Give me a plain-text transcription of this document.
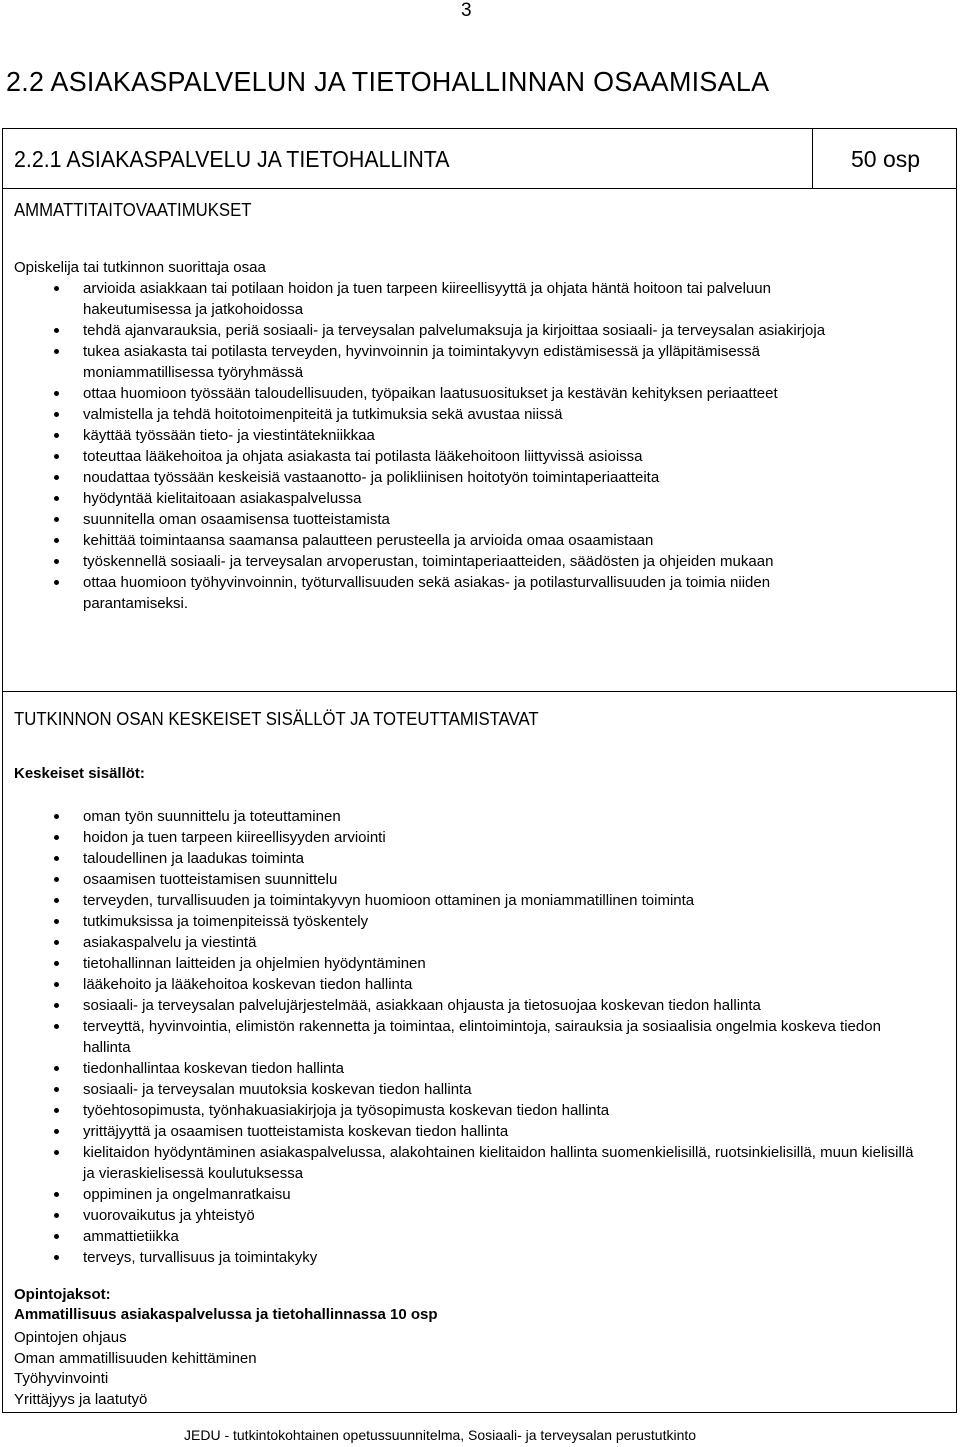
3
2.2 ASIAKASPALVELUN JA TIETOHALLINNAN OSAAMISALA
2.2.1 ASIAKASPALVELU JA TIETOHALLINTA	50 osp
AMMATTITAITOVAATIMUKSET
Opiskelija tai tutkinnon suorittaja osaa
arvioida asiakkaan tai potilaan hoidon ja tuen tarpeen kiireellisyyttä ja ohjata häntä hoitoon tai palveluun hakeutumisessa ja jatkohoidossa
tehdä ajanvarauksia, periä sosiaali- ja terveysalan palvelumaksuja ja kirjoittaa sosiaali- ja terveysalan asiakirjoja
tukea asiakasta tai potilasta terveyden, hyvinvoinnin ja toimintakyvyn edistämisessä ja ylläpitämisessä moniammatillisessa työryhmässä
ottaa huomioon työssään taloudellisuuden, työpaikan laatusuositukset ja kestävän kehityksen periaatteet
valmistella ja tehdä hoitotoimenpiteitä ja tutkimuksia sekä avustaa niissä
käyttää työssään tieto- ja viestintätekniikkaa
toteuttaa lääkehoitoa ja ohjata asiakasta tai potilasta lääkehoitoon liittyvissä asioissa
noudattaa työssään keskeisiä vastaanotto- ja polikliinisen hoitotyön toimintaperiaatteita
hyödyntää kielitaitoaan asiakaspalvelussa
suunnitella oman osaamisensa tuotteistamista
kehittää toimintaansa saamansa palautteen perusteella ja arvioida omaa osaamistaan
työskennellä sosiaali- ja terveysalan arvoperustan, toimintaperiaatteiden, säädösten ja ohjeiden mukaan
ottaa huomioon työhyvinvoinnin, työturvallisuuden sekä asiakas- ja potilasturvallisuuden ja toimia niiden parantamiseksi.
TUTKINNON OSAN KESKEISET SISÄLLÖT JA TOTEUTTAMISTAVAT
Keskeiset sisällöt:
oman työn suunnittelu ja toteuttaminen
hoidon ja tuen tarpeen kiireellisyyden arviointi
taloudellinen ja laadukas toiminta
osaamisen tuotteistamisen suunnittelu
terveyden, turvallisuuden ja toimintakyvyn huomioon ottaminen ja moniammatillinen toiminta
tutkimuksissa ja toimenpiteissä työskentely
asiakaspalvelu ja viestintä
tietohallinnan laitteiden ja ohjelmien hyödyntäminen
lääkehoito ja lääkehoitoa koskevan tiedon hallinta
sosiaali- ja terveysalan palvelujärjestelmää, asiakkaan ohjausta ja tietosuojaa koskevan tiedon hallinta
terveyttä, hyvinvointia, elimistön rakennetta ja toimintaa, elintoimintoja, sairauksia ja sosiaalisia ongelmia koskeva tiedon hallinta
tiedonhallintaa koskevan tiedon hallinta
sosiaali- ja terveysalan muutoksia koskevan tiedon hallinta
työehtosopimusta, työnhakuasiakirjoja ja työsopimusta koskevan tiedon hallinta
yrittäjyyttä ja osaamisen tuotteistamista koskevan tiedon hallinta
kielitaidon hyödyntäminen asiakaspalvelussa, alakohtainen kielitaidon hallinta suomenkielisillä, ruotsinkielisillä, muun kielisillä ja vieraskielisessä koulutuksessa
oppiminen ja ongelmanratkaisu
vuorovaikutus ja yhteistyö
ammattietiikka
terveys, turvallisuus ja toimintakyky
Opintojaksot:
Ammatillisuus asiakaspalvelussa ja tietohallinnassa 10 osp
Opintojen ohjaus
Oman ammatillisuuden kehittäminen
Työhyvinvointi
Yrittäjyys ja laatutyö
JEDU - tutkintokohtainen opetussuunnitelma, Sosiaali- ja terveysalan perustutkinto
